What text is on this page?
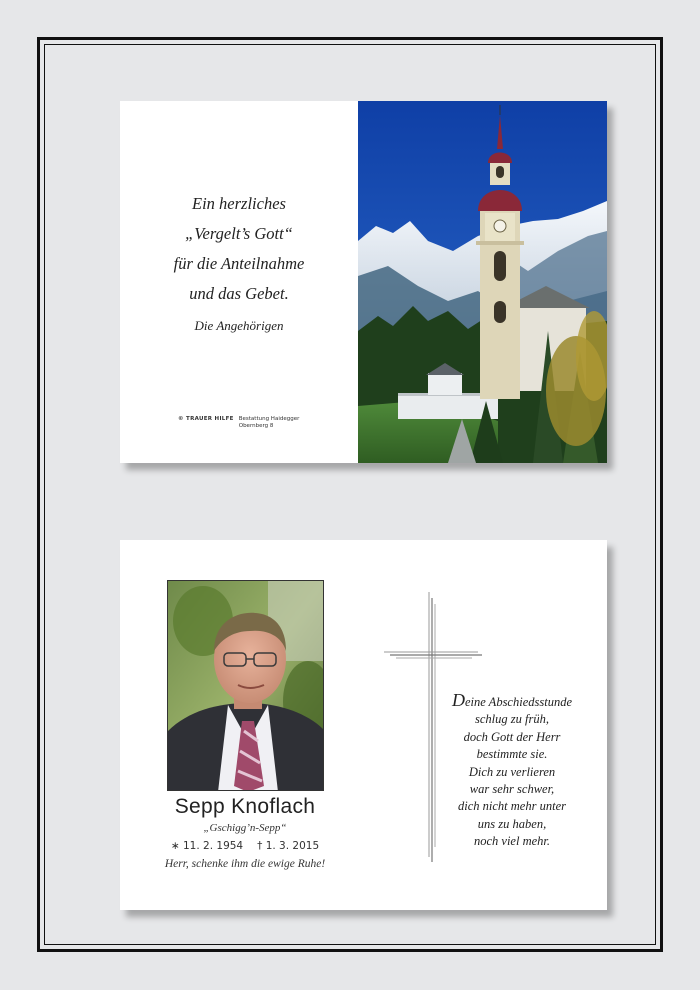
Ein herzliches
„Vergelt’s Gott“
für die Anteilnahme
und das Gebet.
Die Angehörigen
© TRAUER HILFE Bestattung Haidegger
Obernberg 8
Sepp Knoflach
„Gschigg’n-Sepp“
∗ 11. 2. 1954 † 1. 3. 2015
Herr, schenke ihm die ewige Ruhe!
Deine Abschiedsstunde
schlug zu früh,
doch Gott der Herr
bestimmte sie.
Dich zu verlieren
war sehr schwer,
dich nicht mehr unter
uns zu haben,
noch viel mehr.
